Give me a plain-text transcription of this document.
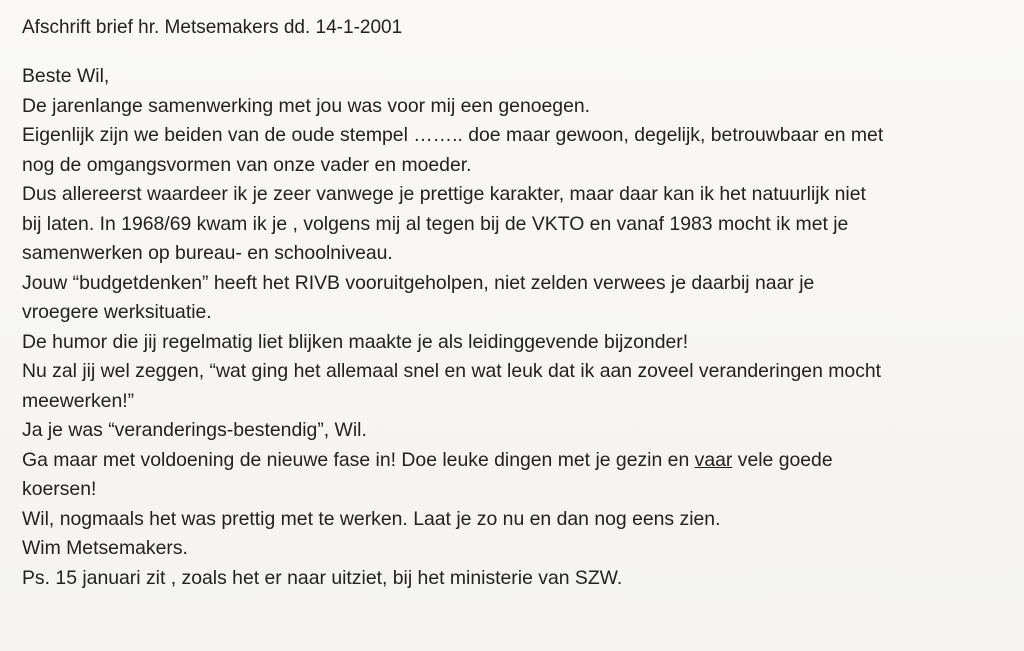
Afschrift brief hr. Metsemakers dd. 14-1-2001
Beste Wil,
De jarenlange samenwerking met jou was voor mij een genoegen.
Eigenlijk zijn we beiden van de oude stempel …….. doe maar gewoon, degelijk, betrouwbaar en met
nog de omgangsvormen van onze vader en moeder.
Dus allereerst waardeer ik je zeer vanwege je prettige karakter, maar daar kan ik het natuurlijk niet
bij laten. In 1968/69 kwam ik je , volgens mij al tegen bij de VKTO en vanaf 1983 mocht ik met je
samenwerken op bureau- en schoolniveau.
Jouw “budgetdenken” heeft het RIVB vooruitgeholpen, niet zelden verwees je daarbij naar je
vroegere werksituatie.
De humor die jij regelmatig liet blijken maakte je als leidinggevende bijzonder!
Nu zal jij wel zeggen, “wat ging het allemaal snel en wat leuk dat ik aan zoveel veranderingen mocht
meewerken!”
Ja je was “veranderings-bestendig”, Wil.
Ga maar met voldoening de nieuwe fase in! Doe leuke dingen met je gezin en vaar vele goede
koersen!
Wil, nogmaals het was prettig met te werken. Laat je zo nu en dan nog eens zien.
Wim Metsemakers.
Ps. 15 januari zit , zoals het er naar uitziet, bij het ministerie van SZW.
